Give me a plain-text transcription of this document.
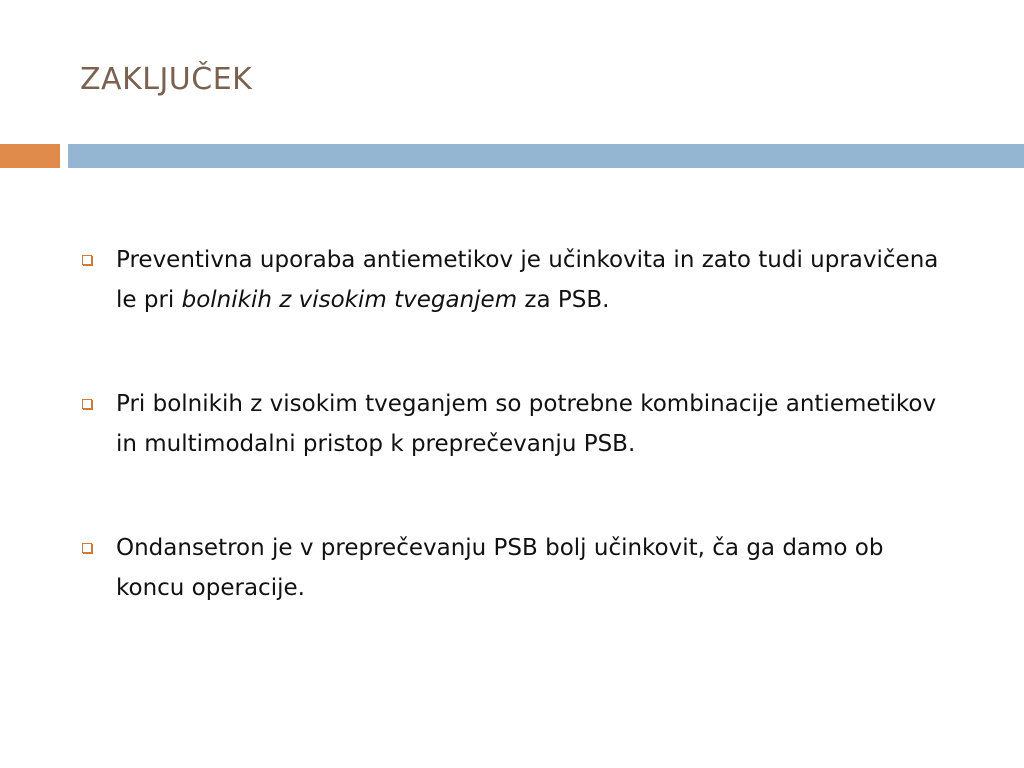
ZAKLJUČEK
Preventivna uporaba antiemetikov je učinkovita in zato tudi upravičena le pri bolnikih z visokim tveganjem za PSB.
Pri bolnikih z visokim tveganjem so potrebne kombinacije antiemetikov in multimodalni pristop k preprečevanju PSB.
Ondansetron je v preprečevanju PSB bolj učinkovit, ča ga damo ob koncu operacije.
